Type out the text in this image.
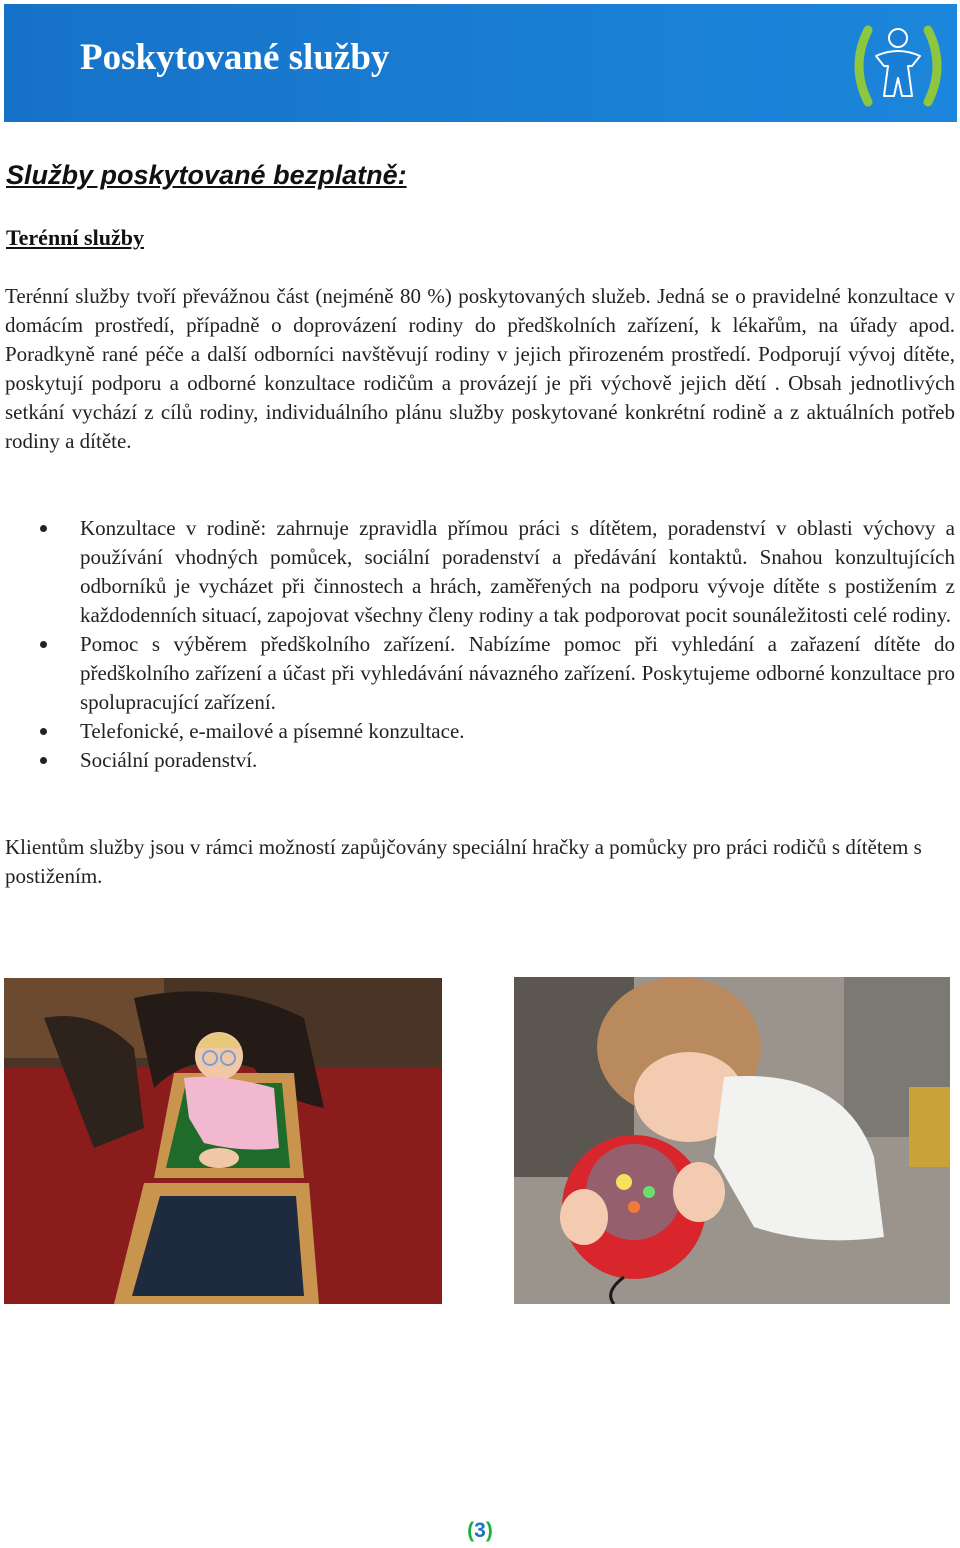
Poskytované služby
Služby poskytované bezplatně:
Terénní služby

Terénní služby tvoří převážnou část (nejméně 80 %) poskytovaných služeb. Jedná se o pravidelné konzultace v domácím prostředí, případně o doprovázení rodiny do předškolních zařízení, k lékařům, na úřady apod. Poradkyně rané péče a další odborníci navštěvují rodiny v jejich přirozeném prostředí. Podporují vývoj dítěte, poskytují podporu a odborné konzultace rodičům a provázejí je při výchově jejich dětí . Obsah jednotlivých setkání vychází z cílů rodiny, individuálního plánu služby poskytované konkrétní rodině a z aktuálních potřeb rodiny a dítěte.

Konzultace v rodině: zahrnuje zpravidla přímou práci s dítětem, poradenství v oblasti výchovy a používání vhodných pomůcek, sociální poradenství a předávání kontaktů. Snahou konzultujících odborníků je vycházet při činnostech a hrách, zaměřených na podporu vývoje dítěte s postižením z každodenních situací, zapojovat všechny členy rodiny a tak podporovat pocit sounáležitosti celé rodiny.
Pomoc s výběrem předškolního zařízení. Nabízíme pomoc při vyhledání a zařazení dítěte do předškolního zařízení a účast při vyhledávání návazného zařízení. Poskytujeme odborné konzultace pro spolupracující zařízení.
Telefonické, e-mailové a písemné konzultace.
Sociální poradenství.

Klientům služby jsou v rámci možností zapůjčovány speciální hračky a pomůcky pro práci rodičů s dítětem s postižením.

(3)
